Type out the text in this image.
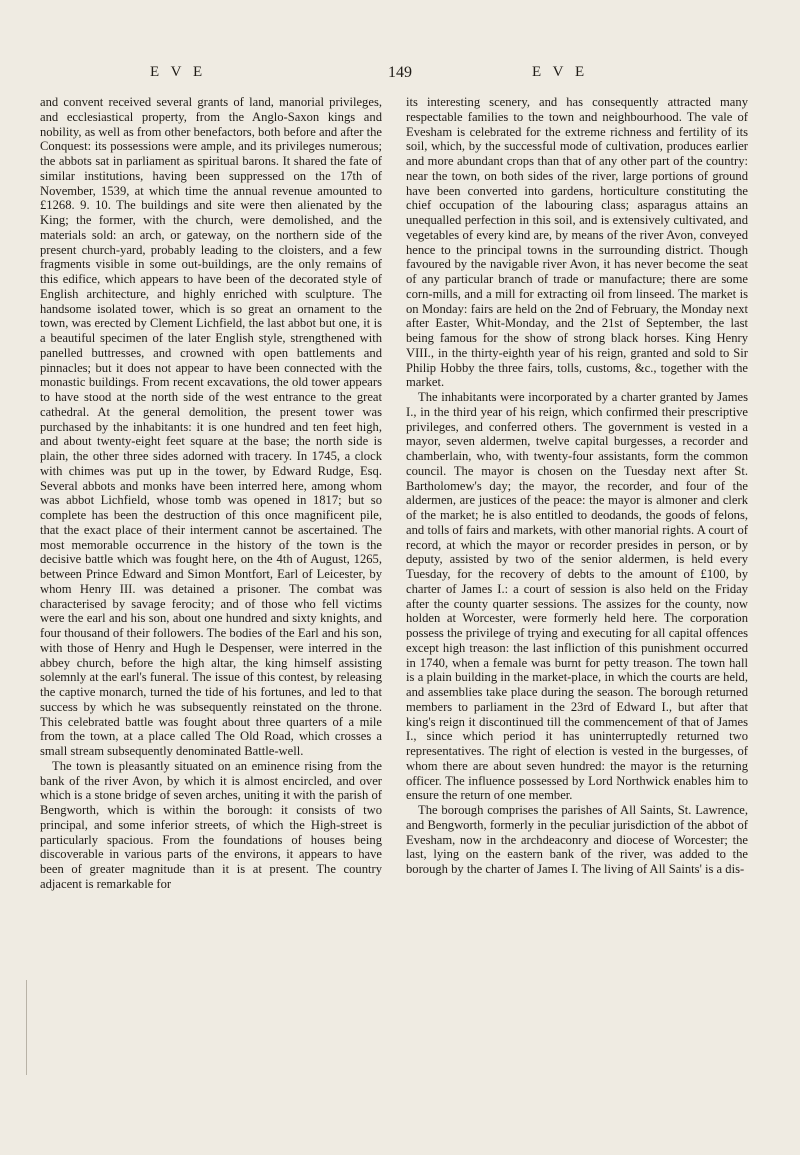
E V E	149	E V E

and convent received several grants of land, manorial privileges, and ecclesiastical property, from the Anglo-Saxon kings and nobility, as well as from other benefactors, both before and after the Conquest: its possessions were ample, and its privileges numerous; the abbots sat in parliament as spiritual barons. It shared the fate of similar institutions, having been suppressed on the 17th of November, 1539, at which time the annual revenue amounted to £1268. 9. 10. The buildings and site were then alienated by the King; the former, with the church, were demolished, and the materials sold: an arch, or gateway, on the northern side of the present church-yard, probably leading to the cloisters, and a few fragments visible in some out-buildings, are the only remains of this edifice, which appears to have been of the decorated style of English architecture, and highly enriched with sculpture. The handsome isolated tower, which is so great an ornament to the town, was erected by Clement Lichfield, the last abbot but one, it is a beautiful specimen of the later English style, strengthened with panelled buttresses, and crowned with open battlements and pinnacles; but it does not appear to have been connected with the monastic buildings. From recent excavations, the old tower appears to have stood at the north side of the west entrance to the great cathedral. At the general demolition, the present tower was purchased by the inhabitants: it is one hundred and ten feet high, and about twenty-eight feet square at the base; the north side is plain, the other three sides adorned with tracery. In 1745, a clock with chimes was put up in the tower, by Edward Rudge, Esq. Several abbots and monks have been interred here, among whom was abbot Lichfield, whose tomb was opened in 1817; but so complete has been the destruction of this once magnificent pile, that the exact place of their interment cannot be ascertained. The most memorable occurrence in the history of the town is the decisive battle which was fought here, on the 4th of August, 1265, between Prince Edward and Simon Montfort, Earl of Leicester, by whom Henry III. was detained a prisoner. The combat was characterised by savage ferocity; and of those who fell victims were the earl and his son, about one hundred and sixty knights, and four thousand of their followers. The bodies of the Earl and his son, with those of Henry and Hugh le Despenser, were interred in the abbey church, before the high altar, the king himself assisting solemnly at the earl's funeral. The issue of this contest, by releasing the captive monarch, turned the tide of his fortunes, and led to that success by which he was subsequently reinstated on the throne. This celebrated battle was fought about three quarters of a mile from the town, at a place called The Old Road, which crosses a small stream subsequently denominated Battle-well.

The town is pleasantly situated on an eminence rising from the bank of the river Avon, by which it is almost encircled, and over which is a stone bridge of seven arches, uniting it with the parish of Bengworth, which is within the borough: it consists of two principal, and some inferior streets, of which the High-street is particularly spacious. From the foundations of houses being discoverable in various parts of the environs, it appears to have been of greater magnitude than it is at present. The country adjacent is remarkable for

its interesting scenery, and has consequently attracted many respectable families to the town and neighbourhood. The vale of Evesham is celebrated for the extreme richness and fertility of its soil, which, by the successful mode of cultivation, produces earlier and more abundant crops than that of any other part of the country: near the town, on both sides of the river, large portions of ground have been converted into gardens, horticulture constituting the chief occupation of the labouring class; asparagus attains an unequalled perfection in this soil, and is extensively cultivated, and vegetables of every kind are, by means of the river Avon, conveyed hence to the principal towns in the surrounding district. Though favoured by the navigable river Avon, it has never become the seat of any particular branch of trade or manufacture; there are some corn-mills, and a mill for extracting oil from linseed. The market is on Monday: fairs are held on the 2nd of February, the Monday next after Easter, Whit-Monday, and the 21st of September, the last being famous for the show of strong black horses. King Henry VIII., in the thirty-eighth year of his reign, granted and sold to Sir Philip Hobby the three fairs, tolls, customs, &c., together with the market.

The inhabitants were incorporated by a charter granted by James I., in the third year of his reign, which confirmed their prescriptive privileges, and conferred others. The government is vested in a mayor, seven aldermen, twelve capital burgesses, a recorder and chamberlain, who, with twenty-four assistants, form the common council. The mayor is chosen on the Tuesday next after St. Bartholomew's day; the mayor, the recorder, and four of the aldermen, are justices of the peace: the mayor is almoner and clerk of the market; he is also entitled to deodands, the goods of felons, and tolls of fairs and markets, with other manorial rights. A court of record, at which the mayor or recorder presides in person, or by deputy, assisted by two of the senior aldermen, is held every Tuesday, for the recovery of debts to the amount of £100, by charter of James I.: a court of session is also held on the Friday after the county quarter sessions. The assizes for the county, now holden at Worcester, were formerly held here. The corporation possess the privilege of trying and executing for all capital offences except high treason: the last infliction of this punishment occurred in 1740, when a female was burnt for petty treason. The town hall is a plain building in the market-place, in which the courts are held, and assemblies take place during the season. The borough returned members to parliament in the 23rd of Edward I., but after that king's reign it discontinued till the commencement of that of James I., since which period it has uninterruptedly returned two representatives. The right of election is vested in the burgesses, of whom there are about seven hundred: the mayor is the returning officer. The influence possessed by Lord Northwick enables him to ensure the return of one member.

The borough comprises the parishes of All Saints, St. Lawrence, and Bengworth, formerly in the peculiar jurisdiction of the abbot of Evesham, now in the archdeaconry and diocese of Worcester; the last, lying on the eastern bank of the river, was added to the borough by the charter of James I. The living of All Saints' is a dis-
